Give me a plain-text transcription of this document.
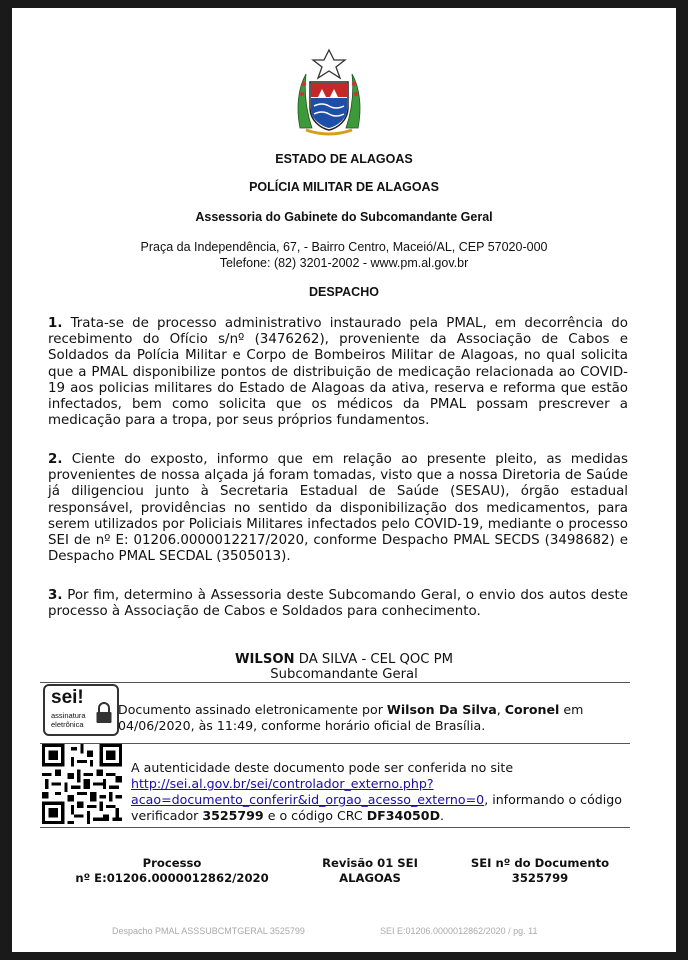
ESTADO DE ALAGOAS
POLÍCIA MILITAR DE ALAGOAS
Assessoria do Gabinete do Subcomandante Geral
Praça da Independência, 67, - Bairro Centro, Maceió/AL, CEP 57020-000
Telefone: (82) 3201-2002 - www.pm.al.gov.br
DESPACHO
1. Trata-se de processo administrativo instaurado pela PMAL, em decorrência do recebimento do Ofício s/nº (3476262), proveniente da Associação de Cabos e Soldados da Polícia Militar e Corpo de Bombeiros Militar de Alagoas, no qual solicita que a PMAL disponibilize pontos de distribuição de medicação relacionada ao COVID-19 aos policias militares do Estado de Alagoas da ativa, reserva e reforma que estão infectados, bem como solicita que os médicos da PMAL possam prescrever a medicação para a tropa, por seus próprios fundamentos.
2. Ciente do exposto, informo que em relação ao presente pleito, as medidas provenientes de nossa alçada já foram tomadas, visto que a nossa Diretoria de Saúde já diligenciou junto à Secretaria Estadual de Saúde (SESAU), órgão estadual responsável, providências no sentido da disponibilização dos medicamentos, para serem utilizados por Policiais Militares infectados pelo COVID-19, mediante o processo SEI de nº E: 01206.0000012217/2020, conforme Despacho PMAL SECDS (3498682) e Despacho PMAL SECDAL (3505013).
3. Por fim, determino à Assessoria deste Subcomando Geral, o envio dos autos deste processo à Associação de Cabos e Soldados para conhecimento.
WILSON DA SILVA - CEL QOC PM
Subcomandante Geral
sei!
assinatura
eletrônica
Documento assinado eletronicamente por Wilson Da Silva, Coronel em
04/06/2020, às 11:49, conforme horário oficial de Brasília.
A autenticidade deste documento pode ser conferida no site
http://sei.al.gov.br/sei/controlador_externo.php?
acao=documento_conferir&id_orgao_acesso_externo=0, informando o código
verificador 3525799 e o código CRC DF34050D.
Processo
nº E:01206.0000012862/2020
Revisão 01 SEI
ALAGOAS
SEI nº do Documento
3525799
Despacho PMAL ASSSUBCMTGERAL 3525799	SEI E:01206.0000012862/2020 / pg. 11
